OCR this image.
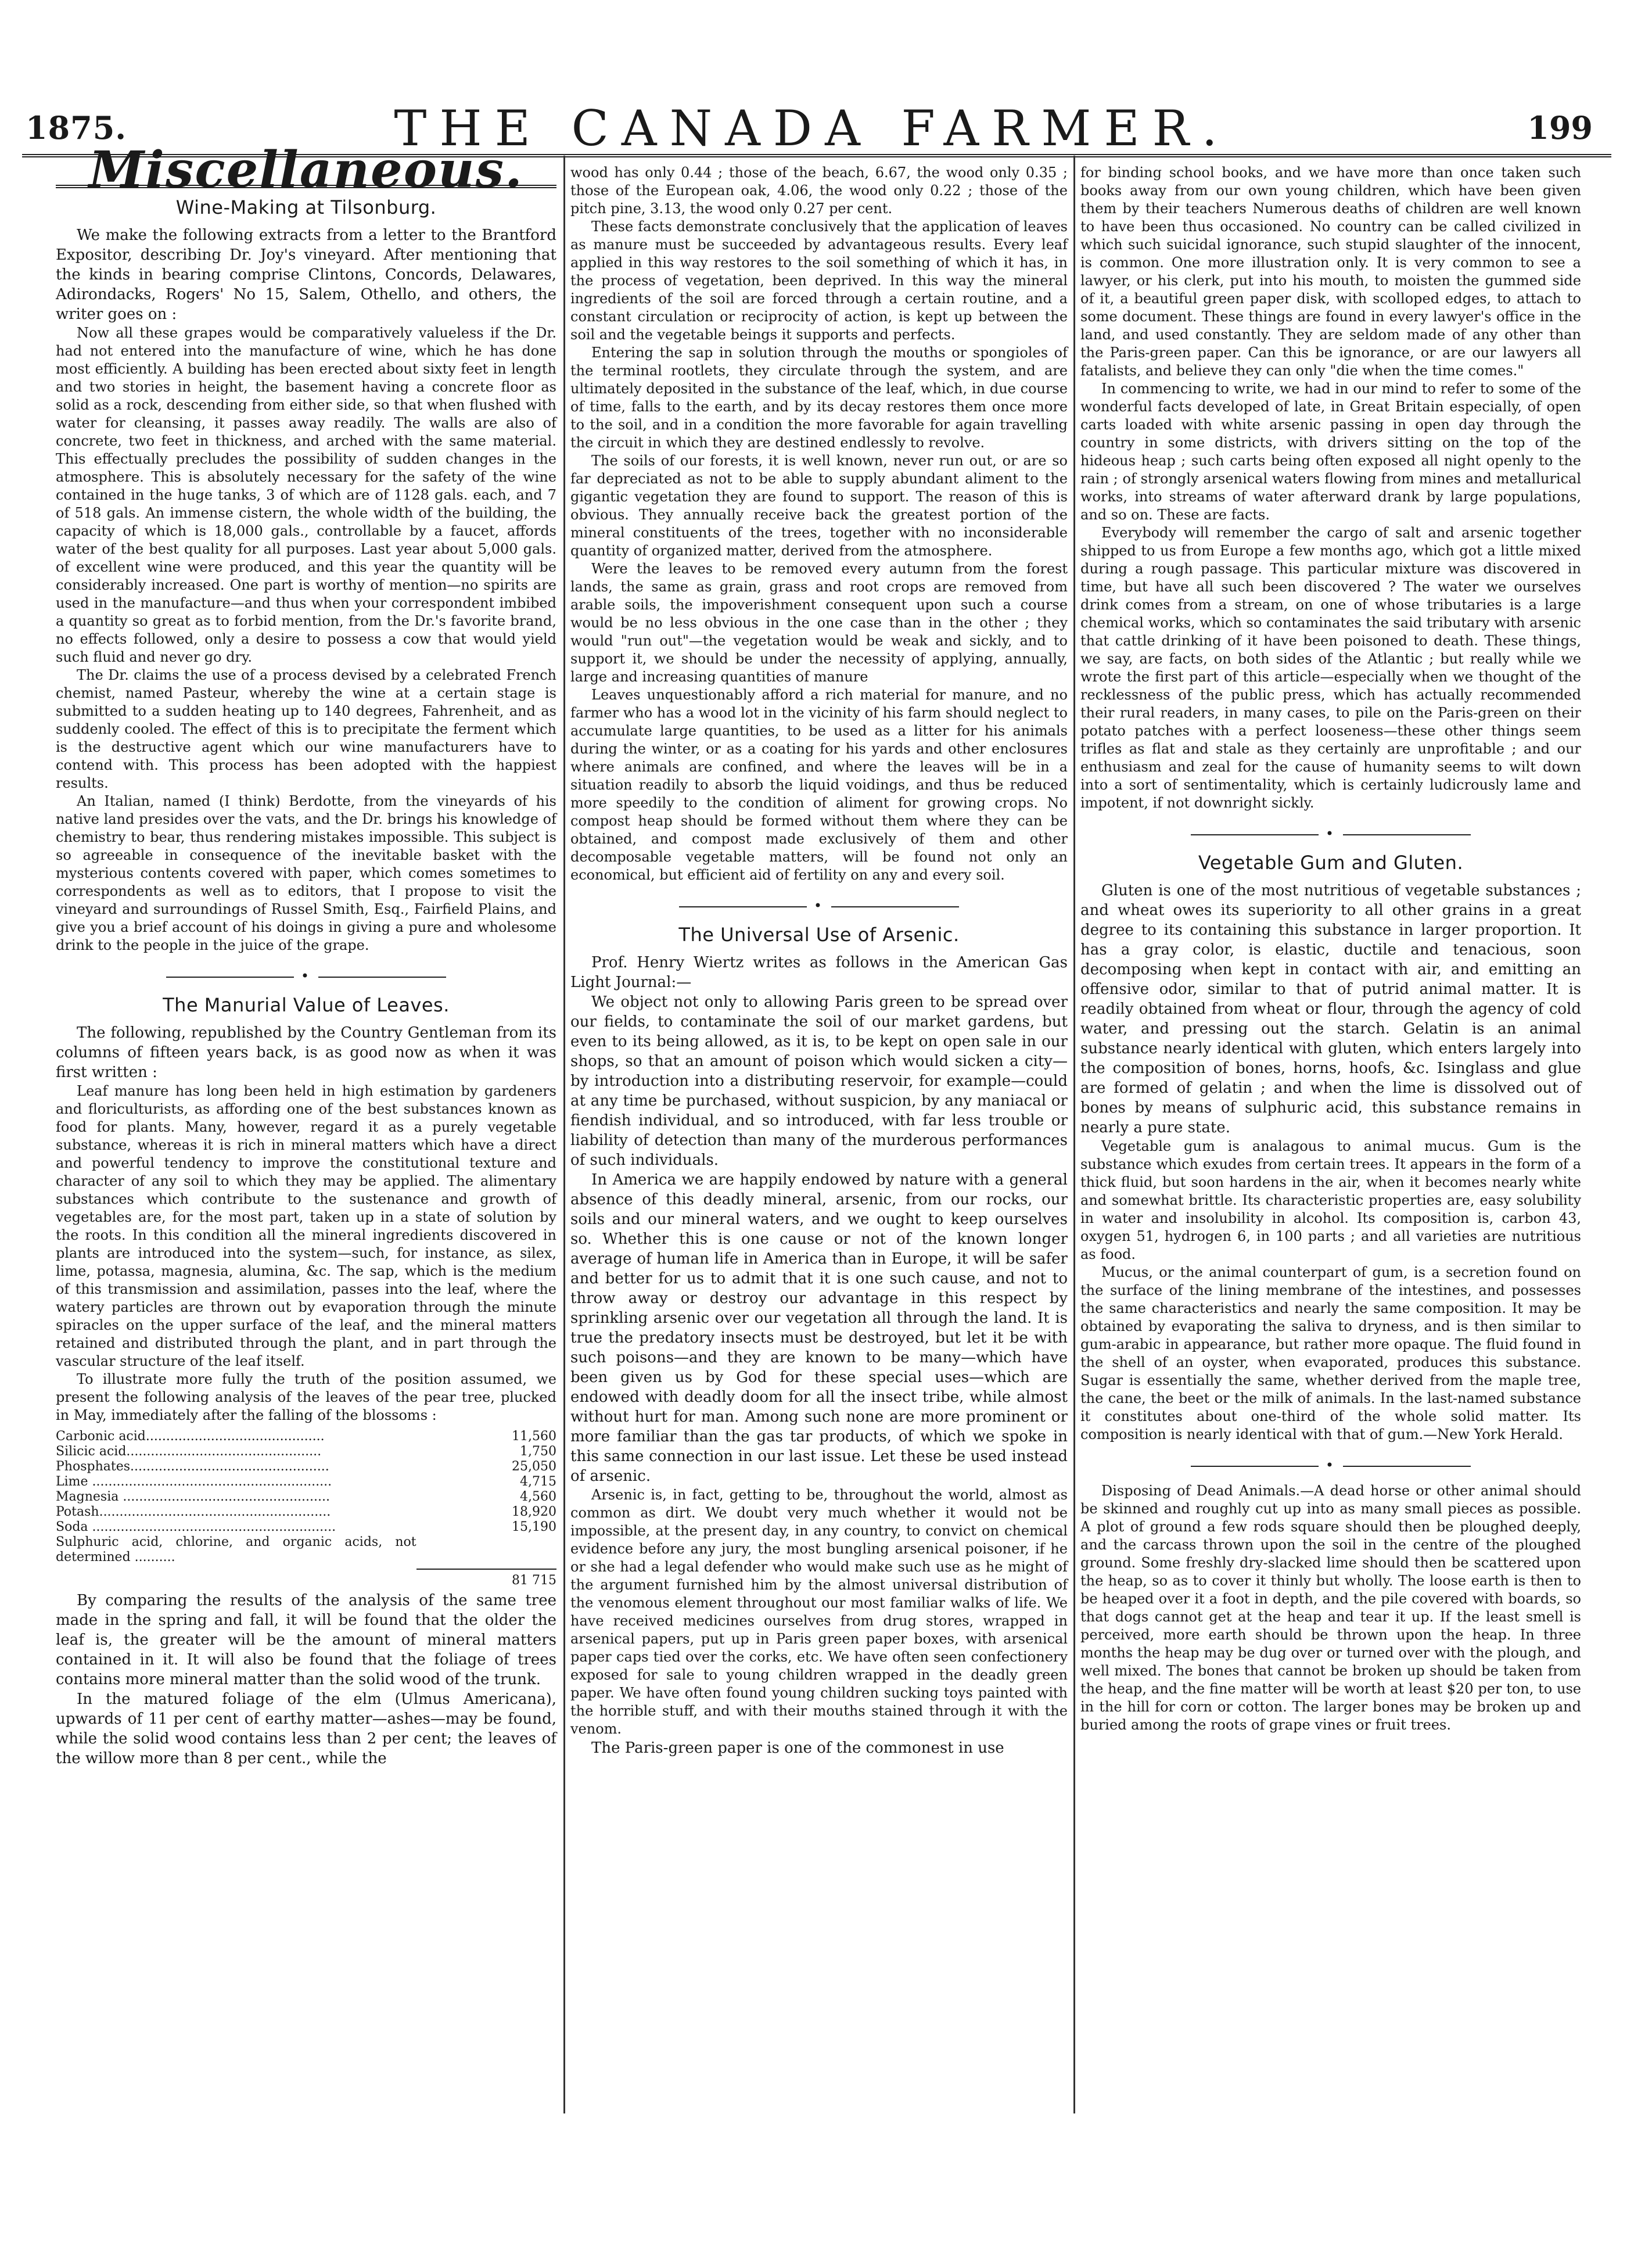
1875.	THE CANADA FARMER.	199
Miscellaneous.
Wine-Making at Tilsonburg.

We make the following extracts from a letter to the Brantford Expositor, describing Dr. Joy's vineyard. After mentioning that the kinds in bearing comprise Clintons, Concords, Delawares, Adirondacks, Rogers' No 15, Salem, Othello, and others, the writer goes on :

Now all these grapes would be comparatively valueless if the Dr. had not entered into the manufacture of wine, which he has done most efficiently. A building has been erected about sixty feet in length and two stories in height, the basement having a concrete floor as solid as a rock, descending from either side, so that when flushed with water for cleansing, it passes away readily. The walls are also of concrete, two feet in thickness, and arched with the same material. This effectually precludes the possibility of sudden changes in the atmosphere. This is absolutely necessary for the safety of the wine contained in the huge tanks, 3 of which are of 1128 gals. each, and 7 of 518 gals. An immense cistern, the whole width of the building, the capacity of which is 18,000 gals., controllable by a faucet, affords water of the best quality for all purposes. Last year about 5,000 gals. of excellent wine were produced, and this year the quantity will be considerably increased. One part is worthy of mention—no spirits are used in the manufacture—and thus when your correspondent imbibed a quantity so great as to forbid mention, from the Dr.'s favorite brand, no effects followed, only a desire to possess a cow that would yield such fluid and never go dry.

The Dr. claims the use of a process devised by a celebrated French chemist, named Pasteur, whereby the wine at a certain stage is submitted to a sudden heating up to 140 degrees, Fahrenheit, and as suddenly cooled. The effect of this is to precipitate the ferment which is the destructive agent which our wine manufacturers have to contend with. This process has been adopted with the happiest results.

An Italian, named (I think) Berdotte, from the vineyards of his native land presides over the vats, and the Dr. brings his knowledge of chemistry to bear, thus rendering mistakes impossible. This subject is so agreeable in consequence of the inevitable basket with the mysterious contents covered with paper, which comes sometimes to correspondents as well as to editors, that I propose to visit the vineyard and surroundings of Russel Smith, Esq., Fairfield Plains, and give you a brief account of his doings in giving a pure and wholesome drink to the people in the juice of the grape.

•
The Manurial Value of Leaves.

The following, republished by the Country Gentleman from its columns of fifteen years back, is as good now as when it was first written :

Leaf manure has long been held in high estimation by gardeners and floriculturists, as affording one of the best substances known as food for plants. Many, however, regard it as a purely vegetable substance, whereas it is rich in mineral matters which have a direct and powerful tendency to improve the constitutional texture and character of any soil to which they may be applied. The alimentary substances which contribute to the sustenance and growth of vegetables are, for the most part, taken up in a state of solution by the roots. In this condition all the mineral ingredients discovered in plants are introduced into the system—such, for instance, as silex, lime, potassa, magnesia, alumina, &c. The sap, which is the medium of this transmission and assimilation, passes into the leaf, where the watery particles are thrown out by evaporation through the minute spiracles on the upper surface of the leaf, and the mineral matters retained and distributed through the plant, and in part through the vascular structure of the leaf itself.

To illustrate more fully the truth of the position assumed, we present the following analysis of the leaves of the pear tree, plucked in May, immediately after the falling of the blossoms :

Carbonic acid............................................	11,560
Silicic acid................................................	1,750
Phosphates.................................................	25,050
Lime ...........................................................	4,715
Magnesia ...................................................	4,560
Potash.........................................................	18,920
Soda ............................................................	15,190
Sulphuric acid, chlorine, and organic acids, not determined ..........	
81 715

By comparing the results of the analysis of the same tree made in the spring and fall, it will be found that the older the leaf is, the greater will be the amount of mineral matters contained in it. It will also be found that the foliage of trees contains more mineral matter than the solid wood of the trunk.

In the matured foliage of the elm (Ulmus Americana), upwards of 11 per cent of earthy matter—ashes—may be found, while the solid wood contains less than 2 per cent; the leaves of the willow more than 8 per cent., while the

wood has only 0.44 ; those of the beach, 6.67, the wood only 0.35 ; those of the European oak, 4.06, the wood only 0.22 ; those of the pitch pine, 3.13, the wood only 0.27 per cent.

These facts demonstrate conclusively that the application of leaves as manure must be succeeded by advantageous results. Every leaf applied in this way restores to the soil something of which it has, in the process of vegetation, been deprived. In this way the mineral ingredients of the soil are forced through a certain routine, and a constant circulation or reciprocity of action, is kept up between the soil and the vegetable beings it supports and perfects.

Entering the sap in solution through the mouths or spongioles of the terminal rootlets, they circulate through the system, and are ultimately deposited in the substance of the leaf, which, in due course of time, falls to the earth, and by its decay restores them once more to the soil, and in a condition the more favorable for again travelling the circuit in which they are destined endlessly to revolve.

The soils of our forests, it is well known, never run out, or are so far depreciated as not to be able to supply abundant aliment to the gigantic vegetation they are found to support. The reason of this is obvious. They annually receive back the greatest portion of the mineral constituents of the trees, together with no inconsiderable quantity of organized matter, derived from the atmosphere.

Were the leaves to be removed every autumn from the forest lands, the same as grain, grass and root crops are removed from arable soils, the impoverishment consequent upon such a course would be no less obvious in the one case than in the other ; they would "run out"—the vegetation would be weak and sickly, and to support it, we should be under the necessity of applying, annually, large and increasing quantities of manure

Leaves unquestionably afford a rich material for manure, and no farmer who has a wood lot in the vicinity of his farm should neglect to accumulate large quantities, to be used as a litter for his animals during the winter, or as a coating for his yards and other enclosures where animals are confined, and where the leaves will be in a situation readily to absorb the liquid voidings, and thus be reduced more speedily to the condition of aliment for growing crops. No compost heap should be formed without them where they can be obtained, and compost made exclusively of them and other decomposable vegetable matters, will be found not only an economical, but efficient aid of fertility on any and every soil.

•
The Universal Use of Arsenic.

Prof. Henry Wiertz writes as follows in the American Gas Light Journal:—

We object not only to allowing Paris green to be spread over our fields, to contaminate the soil of our market gardens, but even to its being allowed, as it is, to be kept on open sale in our shops, so that an amount of poison which would sicken a city—by introduction into a distributing reservoir, for example—could at any time be purchased, without suspicion, by any maniacal or fiendish individual, and so introduced, with far less trouble or liability of detection than many of the murderous performances of such individuals.

In America we are happily endowed by nature with a general absence of this deadly mineral, arsenic, from our rocks, our soils and our mineral waters, and we ought to keep ourselves so. Whether this is one cause or not of the known longer average of human life in America than in Europe, it will be safer and better for us to admit that it is one such cause, and not to throw away or destroy our advantage in this respect by sprinkling arsenic over our vegetation all through the land. It is true the predatory insects must be destroyed, but let it be with such poisons—and they are known to be many—which have been given us by God for these special uses—which are endowed with deadly doom for all the insect tribe, while almost without hurt for man. Among such none are more prominent or more familiar than the gas tar products, of which we spoke in this same connection in our last issue. Let these be used instead of arsenic.

Arsenic is, in fact, getting to be, throughout the world, almost as common as dirt. We doubt very much whether it would not be impossible, at the present day, in any country, to convict on chemical evidence before any jury, the most bungling arsenical poisoner, if he or she had a legal defender who would make such use as he might of the argument furnished him by the almost universal distribution of the venomous element throughout our most familiar walks of life. We have received medicines ourselves from drug stores, wrapped in arsenical papers, put up in Paris green paper boxes, with arsenical paper caps tied over the corks, etc. We have often seen confectionery exposed for sale to young children wrapped in the deadly green paper. We have often found young children sucking toys painted with the horrible stuff, and with their mouths stained through it with the venom.

The Paris-green paper is one of the commonest in use

for binding school books, and we have more than once taken such books away from our own young children, which have been given them by their teachers Numerous deaths of children are well known to have been thus occasioned. No country can be called civilized in which such suicidal ignorance, such stupid slaughter of the innocent, is common. One more illustration only. It is very common to see a lawyer, or his clerk, put into his mouth, to moisten the gummed side of it, a beautiful green paper disk, with scolloped edges, to attach to some document. These things are found in every lawyer's office in the land, and used constantly. They are seldom made of any other than the Paris-green paper. Can this be ignorance, or are our lawyers all fatalists, and believe they can only "die when the time comes."

In commencing to write, we had in our mind to refer to some of the wonderful facts developed of late, in Great Britain especially, of open carts loaded with white arsenic passing in open day through the country in some districts, with drivers sitting on the top of the hideous heap ; such carts being often exposed all night openly to the rain ; of strongly arsenical waters flowing from mines and metallurical works, into streams of water afterward drank by large populations, and so on. These are facts.

Everybody will remember the cargo of salt and arsenic together shipped to us from Europe a few months ago, which got a little mixed during a rough passage. This particular mixture was discovered in time, but have all such been discovered ? The water we ourselves drink comes from a stream, on one of whose tributaries is a large chemical works, which so contaminates the said tributary with arsenic that cattle drinking of it have been poisoned to death. These things, we say, are facts, on both sides of the Atlantic ; but really while we wrote the first part of this article—especially when we thought of the recklessness of the public press, which has actually recommended their rural readers, in many cases, to pile on the Paris-green on their potato patches with a perfect looseness—these other things seem trifles as flat and stale as they certainly are unprofitable ; and our enthusiasm and zeal for the cause of humanity seems to wilt down into a sort of sentimentality, which is certainly ludicrously lame and impotent, if not downright sickly.

•
Vegetable Gum and Gluten.

Gluten is one of the most nutritious of vegetable substances ; and wheat owes its superiority to all other grains in a great degree to its containing this substance in larger proportion. It has a gray color, is elastic, ductile and tenacious, soon decomposing when kept in contact with air, and emitting an offensive odor, similar to that of putrid animal matter. It is readily obtained from wheat or flour, through the agency of cold water, and pressing out the starch. Gelatin is an animal substance nearly identical with gluten, which enters largely into the composition of bones, horns, hoofs, &c. Isinglass and glue are formed of gelatin ; and when the lime is dissolved out of bones by means of sulphuric acid, this substance remains in nearly a pure state.

Vegetable gum is analagous to animal mucus. Gum is the substance which exudes from certain trees. It appears in the form of a thick fluid, but soon hardens in the air, when it becomes nearly white and somewhat brittle. Its characteristic properties are, easy solubility in water and insolubility in alcohol. Its composition is, carbon 43, oxygen 51, hydrogen 6, in 100 parts ; and all varieties are nutritious as food.

Mucus, or the animal counterpart of gum, is a secretion found on the surface of the lining membrane of the intestines, and possesses the same characteristics and nearly the same composition. It may be obtained by evaporating the saliva to dryness, and is then similar to gum-arabic in appearance, but rather more opaque. The fluid found in the shell of an oyster, when evaporated, produces this substance. Sugar is essentially the same, whether derived from the maple tree, the cane, the beet or the milk of animals. In the last-named substance it constitutes about one-third of the whole solid matter. Its composition is nearly identical with that of gum.—New York Herald.

•

Disposing of Dead Animals.—A dead horse or other animal should be skinned and roughly cut up into as many small pieces as possible. A plot of ground a few rods square should then be ploughed deeply, and the carcass thrown upon the soil in the centre of the ploughed ground. Some freshly dry-slacked lime should then be scattered upon the heap, so as to cover it thinly but wholly. The loose earth is then to be heaped over it a foot in depth, and the pile covered with boards, so that dogs cannot get at the heap and tear it up. If the least smell is perceived, more earth should be thrown upon the heap. In three months the heap may be dug over or turned over with the plough, and well mixed. The bones that cannot be broken up should be taken from the heap, and the fine matter will be worth at least $20 per ton, to use in the hill for corn or cotton. The larger bones may be broken up and buried among the roots of grape vines or fruit trees.
